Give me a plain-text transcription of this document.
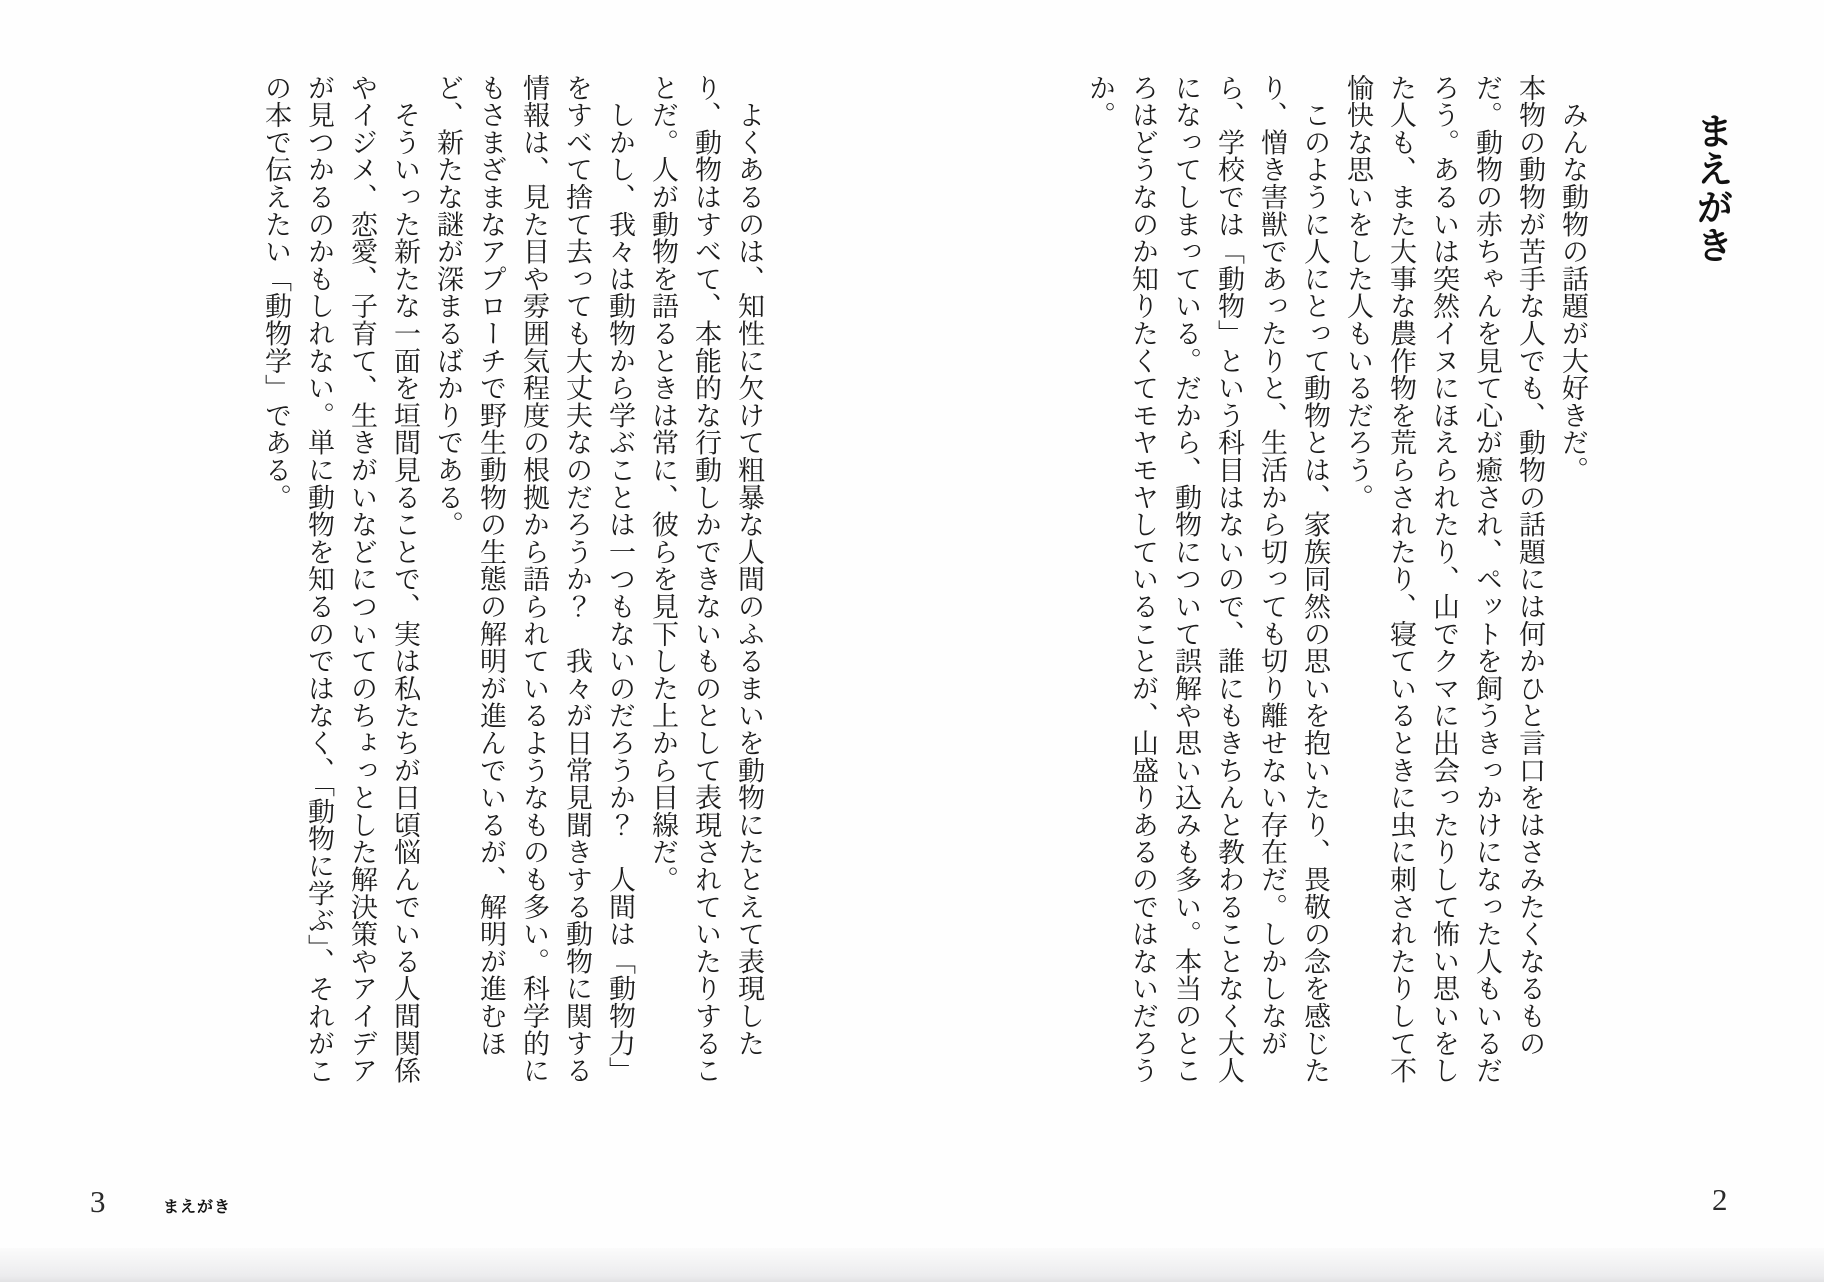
まえがき
　みんな動物の話題が大好きだ。
本物の動物が苦手な人でも、動物の話題には何かひと言口をはさみたくなるもの
だ。動物の赤ちゃんを見て心が癒され、ペットを飼うきっかけになった人もいるだ
ろう。あるいは突然イヌにほえられたり、山でクマに出会ったりして怖い思いをし
た人も、また大事な農作物を荒らされたり、寝ているときに虫に刺されたりして不
愉快な思いをした人もいるだろう。
　このように人にとって動物とは、家族同然の思いを抱いたり、畏敬の念を感じた
り、憎き害獣であったりと、生活から切っても切り離せない存在だ。しかしなが
ら、学校では「動物」という科目はないので、誰にもきちんと教わることなく大人
になってしまっている。だから、動物について誤解や思い込みも多い。本当のとこ
ろはどうなのか知りたくてモヤモヤしていることが、山盛りあるのではないだろう
か。
2
　よくあるのは、知性に欠けて粗暴な人間のふるまいを動物にたとえて表現した
り、動物はすべて、本能的な行動しかできないものとして表現されていたりするこ
とだ。人が動物を語るときは常に、彼らを見下した上から目線だ。
　しかし、我々は動物から学ぶことは一つもないのだろうか？　人間は「動物力」
をすべて捨て去っても大丈夫なのだろうか？　我々が日常見聞きする動物に関する
情報は、見た目や雰囲気程度の根拠から語られているようなものも多い。科学的に
もさまざまなアプローチで野生動物の生態の解明が進んでいるが、解明が進むほ
ど、新たな謎が深まるばかりである。
　そういった新たな一面を垣間見ることで、実は私たちが日頃悩んでいる人間関係
やイジメ、恋愛、子育て、生きがいなどについてのちょっとした解決策やアイデア
が見つかるのかもしれない。単に動物を知るのではなく、「動物に学ぶ」、それがこ
の本で伝えたい「動物学」である。
3	まえがき
